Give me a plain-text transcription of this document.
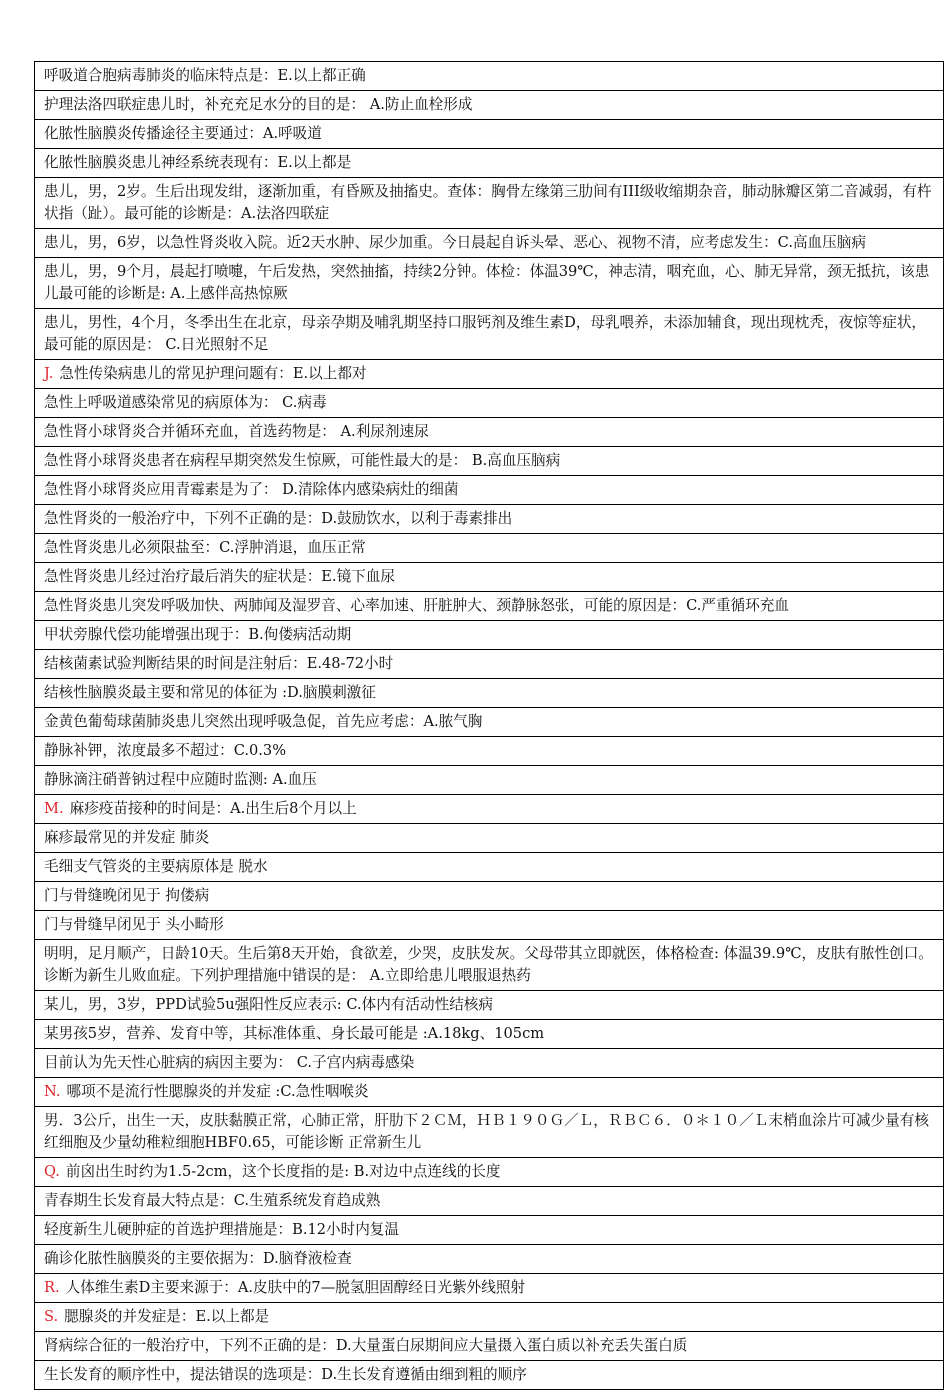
呼吸道合胞病毒肺炎的临床特点是：E.以上都正确
护理法洛四联症患儿时，补充充足水分的目的是： A.防止血栓形成
化脓性脑膜炎传播途径主要通过：A.呼吸道
化脓性脑膜炎患儿神经系统表现有：E.以上都是
患儿，男，2岁。生后出现发绀，逐渐加重，有昏厥及抽搐史。查体：胸骨左缘第三肋间有III级收缩期杂音，肺动脉瓣区第二音减弱，有杵状指（趾）。最可能的诊断是：A.法洛四联症
患儿，男，6岁，以急性肾炎收入院。近2天水肿、尿少加重。今日晨起自诉头晕、恶心、视物不清，应考虑发生：C.高血压脑病
患儿，男，9个月，晨起打喷嚏，午后发热，突然抽搐，持续2分钟。体检：体温39℃，神志清，咽充血，心、肺无异常，颈无抵抗，该患儿最可能的诊断是: A.上感伴高热惊厥
患儿，男性，4个月，冬季出生在北京，母亲孕期及哺乳期坚持口服钙剂及维生素D，母乳喂养，未添加辅食，现出现枕秃，夜惊等症状，最可能的原因是： C.日光照射不足
J. 急性传染病患儿的常见护理问题有：E.以上都对
急性上呼吸道感染常见的病原体为： C.病毒
急性肾小球肾炎合并循环充血，首选药物是： A.利尿剂速尿
急性肾小球肾炎患者在病程早期突然发生惊厥，可能性最大的是： B.高血压脑病
急性肾小球肾炎应用青霉素是为了： D.清除体内感染病灶的细菌
急性肾炎的一般治疗中，下列不正确的是：D.鼓励饮水，以利于毒素排出
急性肾炎患儿必须限盐至：C.浮肿消退，血压正常
急性肾炎患儿经过治疗最后消失的症状是：E.镜下血尿
急性肾炎患儿突发呼吸加快、两肺闻及湿罗音、心率加速、肝脏肿大、颈静脉怒张，可能的原因是：C.严重循环充血
甲状旁腺代偿功能增强出现于：B.佝偻病活动期
结核菌素试验判断结果的时间是注射后：E.48-72小时
结核性脑膜炎最主要和常见的体征为 :D.脑膜刺激征
金黄色葡萄球菌肺炎患儿突然出现呼吸急促，首先应考虑：A.脓气胸
静脉补钾，浓度最多不超过：C.0.3%
静脉滴注硝普钠过程中应随时监测: A.血压
M. 麻疹疫苗接种的时间是：A.出生后8个月以上
麻疹最常见的并发症 肺炎
毛细支气管炎的主要病原体是 脱水
门与骨缝晚闭见于 拘偻病
门与骨缝早闭见于 头小畸形
明明，足月顺产，日龄10天。生后第8天开始，食欲差，少哭，皮肤发灰。父母带其立即就医，体格检查: 体温39.9℃，皮肤有脓性创口。诊断为新生儿败血症。下列护理措施中错误的是： A.立即给患儿喂服退热药
某儿，男，3岁，PPD试验5u强阳性反应表示: C.体内有活动性结核病
某男孩5岁，营养、发育中等，其标准体重、身长最可能是 :A.18kg、105cm
目前认为先天性心脏病的病因主要为： C.子宫内病毒感染
N. 哪项不是流行性腮腺炎的并发症 :C.急性咽喉炎
男．3公斤，出生一天，皮肤黏膜正常，心肺正常，肝肋下２ＣＭ，ＨＢ１９０Ｇ／Ｌ，ＲＢＣ６．０＊１０／Ｌ末梢血涂片可减少量有核红细胞及少量幼稚粒细胞HBF0.65，可能诊断 正常新生儿
Q. 前囟出生时约为1.5-2cm，这个长度指的是: B.对边中点连线的长度
青春期生长发育最大特点是：C.生殖系统发育趋成熟
轻度新生儿硬肿症的首选护理措施是：B.12小时内复温
确诊化脓性脑膜炎的主要依据为：D.脑脊液检查
R. 人体维生素D主要来源于：A.皮肤中的7—脱氢胆固醇经日光紫外线照射
S. 腮腺炎的并发症是：E.以上都是
肾病综合征的一般治疗中，下列不正确的是：D.大量蛋白尿期间应大量摄入蛋白质以补充丢失蛋白质
生长发育的顺序性中，提法错误的选项是：D.生长发育遵循由细到粗的顺序
